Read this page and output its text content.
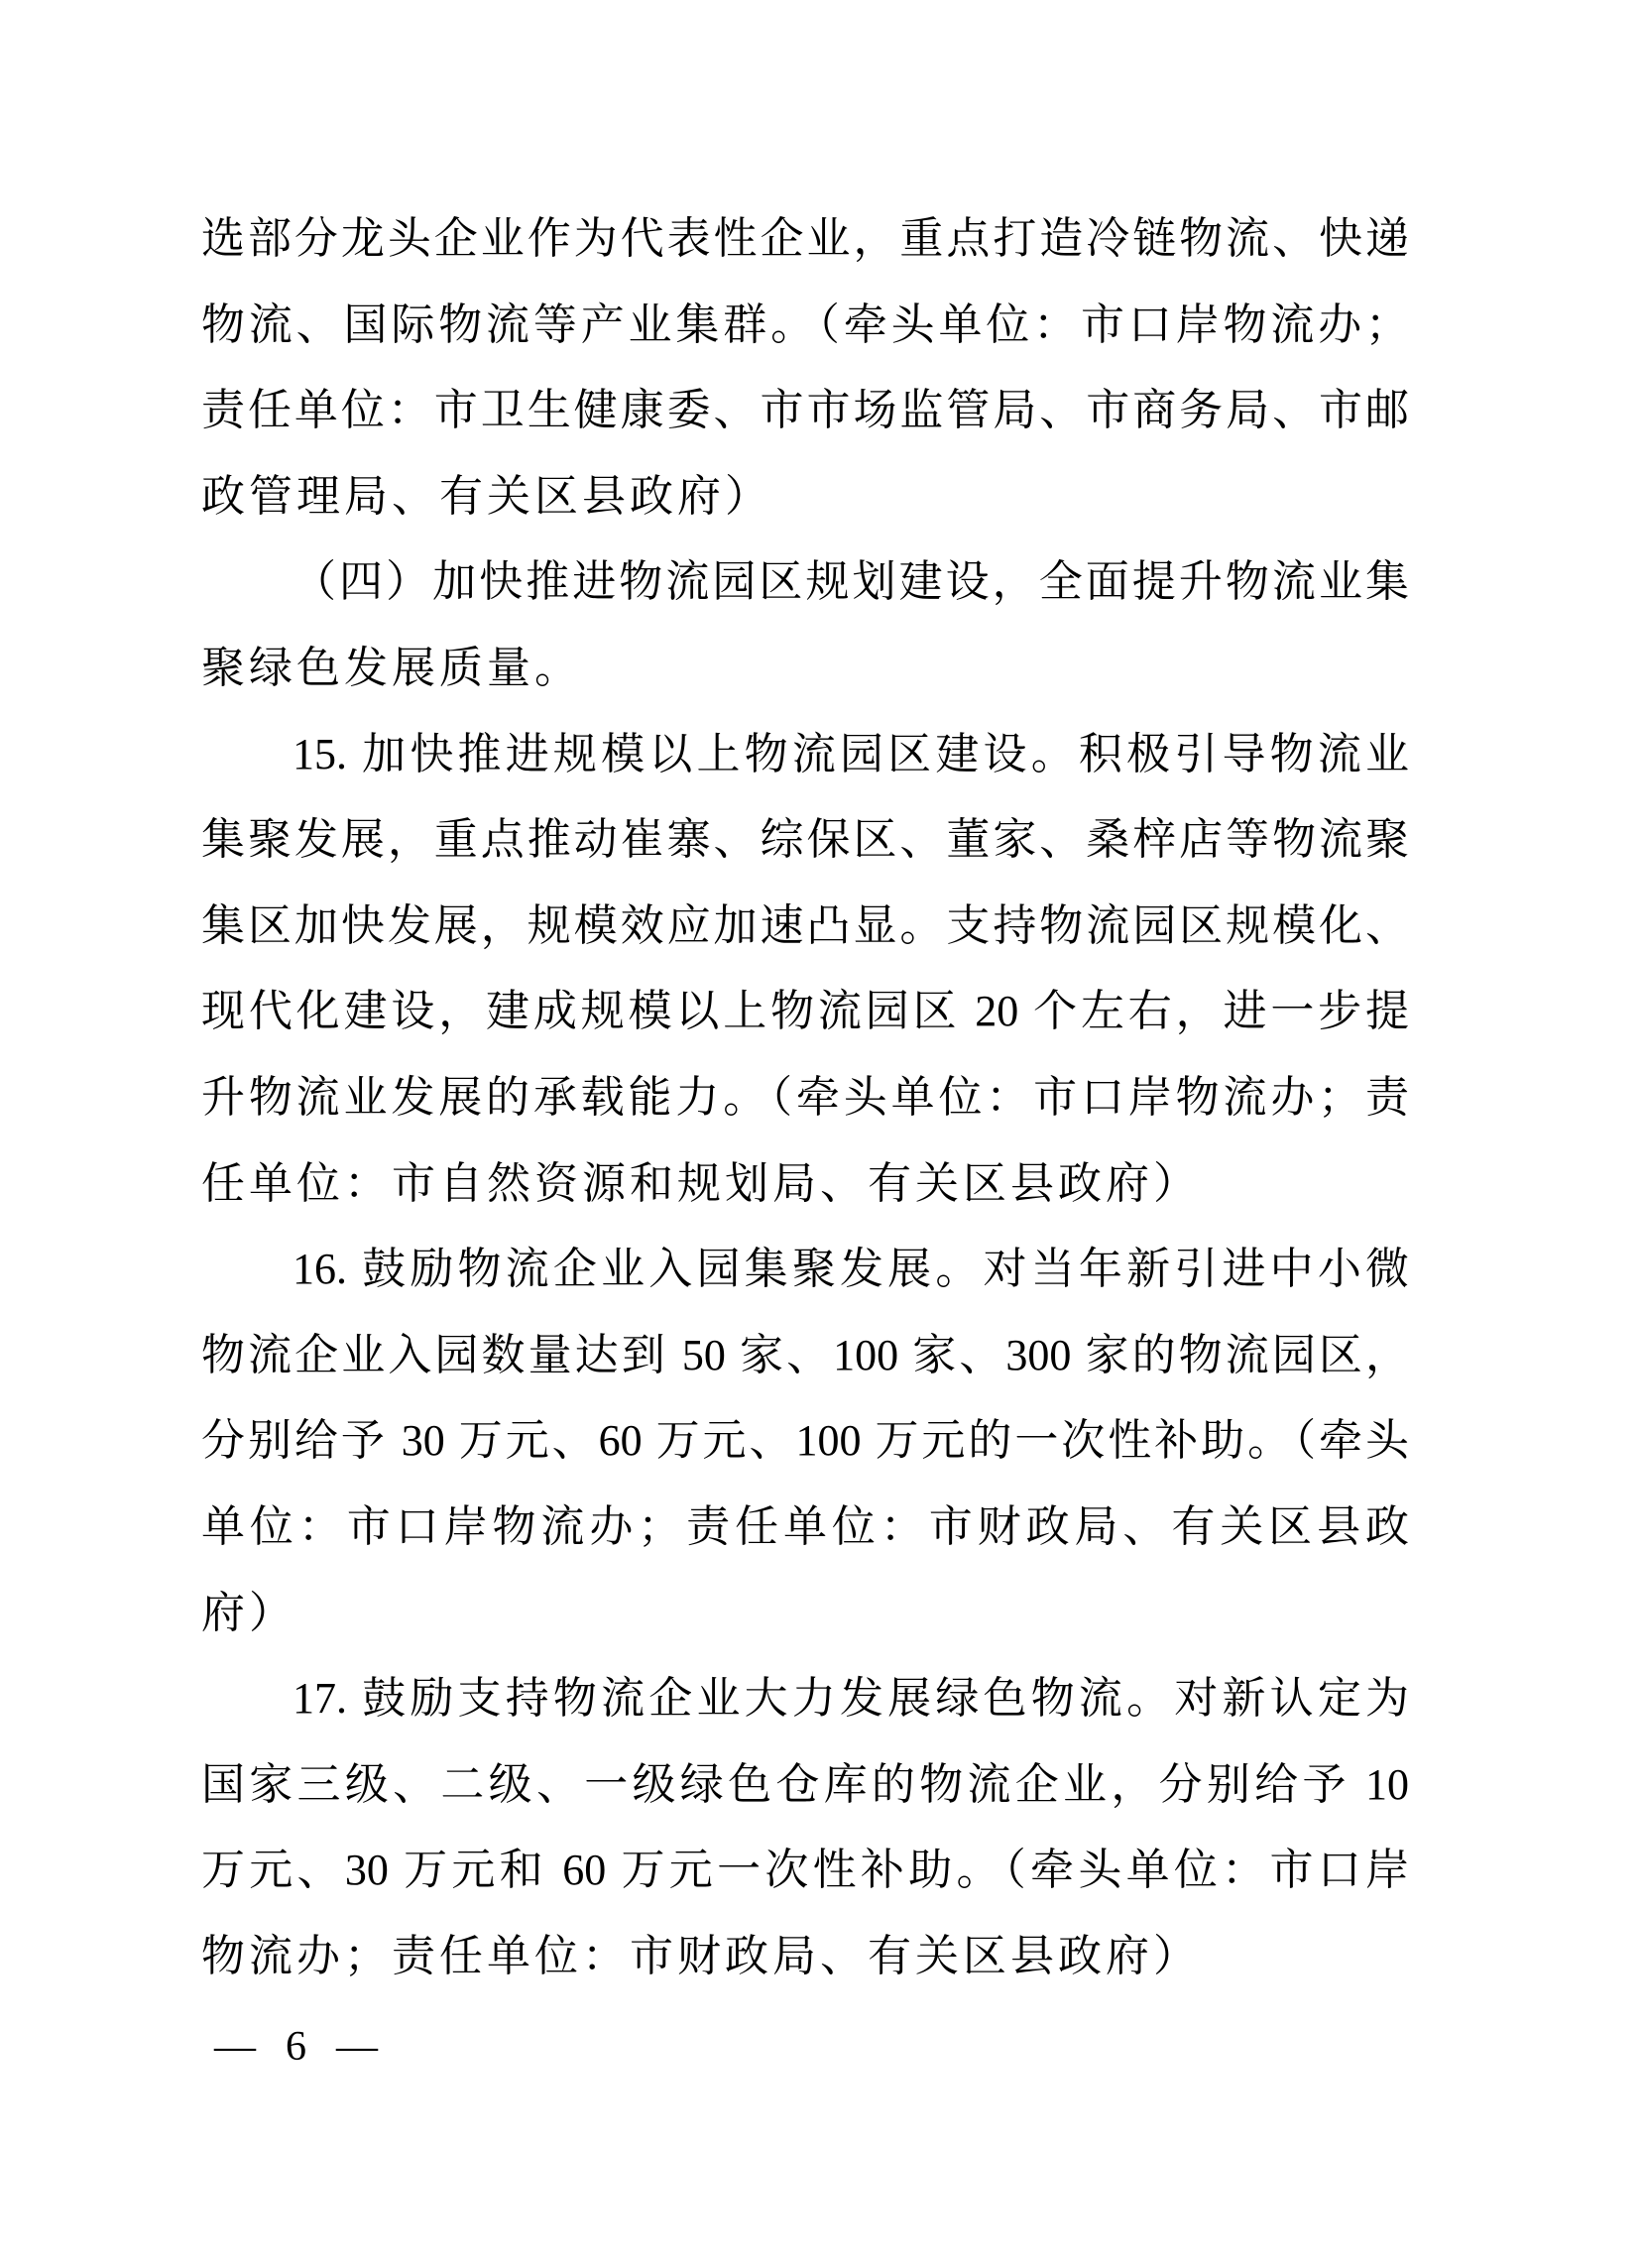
选部分龙头企业作为代表性企业，重点打造冷链物流、快递
物流、国际物流等产业集群。（牵头单位：市口岸物流办；
责任单位：市卫生健康委、市市场监管局、市商务局、市邮
政管理局、有关区县政府）
（四）加快推进物流园区规划建设，全面提升物流业集
聚绿色发展质量。
15. 加快推进规模以上物流园区建设。积极引导物流业
集聚发展，重点推动崔寨、综保区、董家、桑梓店等物流聚
集区加快发展，规模效应加速凸显。支持物流园区规模化、
现代化建设，建成规模以上物流园区 20 个左右，进一步提
升物流业发展的承载能力。（牵头单位：市口岸物流办；责
任单位：市自然资源和规划局、有关区县政府）
16. 鼓励物流企业入园集聚发展。对当年新引进中小微
物流企业入园数量达到 50 家、100 家、300 家的物流园区，
分别给予 30 万元、60 万元、100 万元的一次性补助。（牵头
单位：市口岸物流办；责任单位：市财政局、有关区县政
府）
17. 鼓励支持物流企业大力发展绿色物流。对新认定为
国家三级、二级、一级绿色仓库的物流企业，分别给予 10
万元、30 万元和 60 万元一次性补助。（牵头单位：市口岸
物流办；责任单位：市财政局、有关区县政府）
— 6 —
